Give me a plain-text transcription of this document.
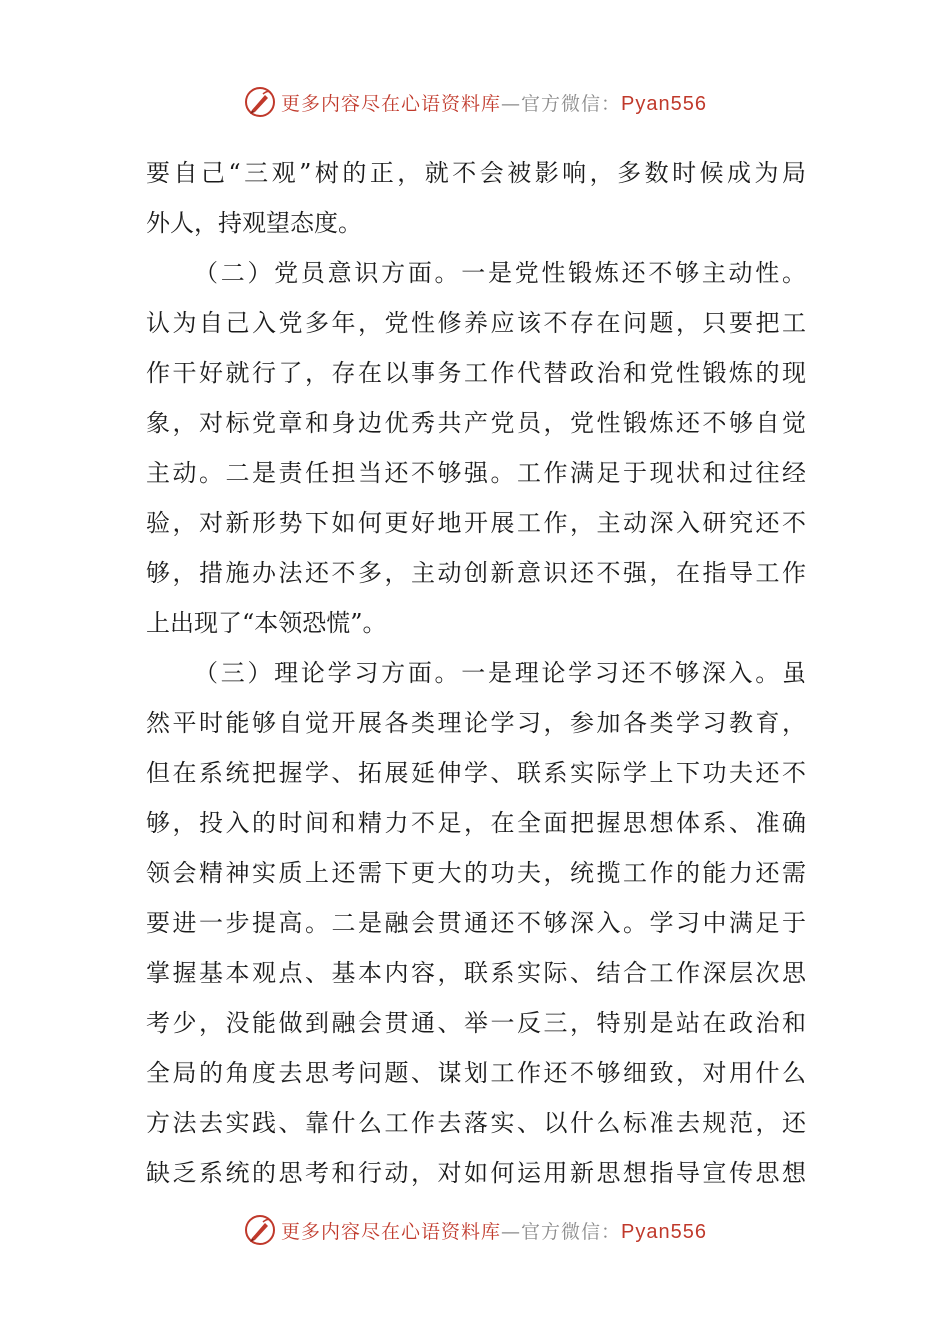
更多内容尽在心语资料库—官方微信：Pyan556
要自己“三观”树的正，就不会被影响，多数时候成为局
外人，持观望态度。
（二）党员意识方面。一是党性锻炼还不够主动性。
认为自己入党多年，党性修养应该不存在问题，只要把工
作干好就行了，存在以事务工作代替政治和党性锻炼的现
象，对标党章和身边优秀共产党员，党性锻炼还不够自觉
主动。二是责任担当还不够强。工作满足于现状和过往经
验，对新形势下如何更好地开展工作，主动深入研究还不
够，措施办法还不多，主动创新意识还不强，在指导工作
上出现了“本领恐慌”。
（三）理论学习方面。一是理论学习还不够深入。虽
然平时能够自觉开展各类理论学习，参加各类学习教育，
但在系统把握学、拓展延伸学、联系实际学上下功夫还不
够，投入的时间和精力不足，在全面把握思想体系、准确
领会精神实质上还需下更大的功夫，统揽工作的能力还需
要进一步提高。二是融会贯通还不够深入。学习中满足于
掌握基本观点、基本内容，联系实际、结合工作深层次思
考少，没能做到融会贯通、举一反三，特别是站在政治和
全局的角度去思考问题、谋划工作还不够细致，对用什么
方法去实践、靠什么工作去落实、以什么标准去规范，还
缺乏系统的思考和行动，对如何运用新思想指导宣传思想
更多内容尽在心语资料库—官方微信：Pyan556
